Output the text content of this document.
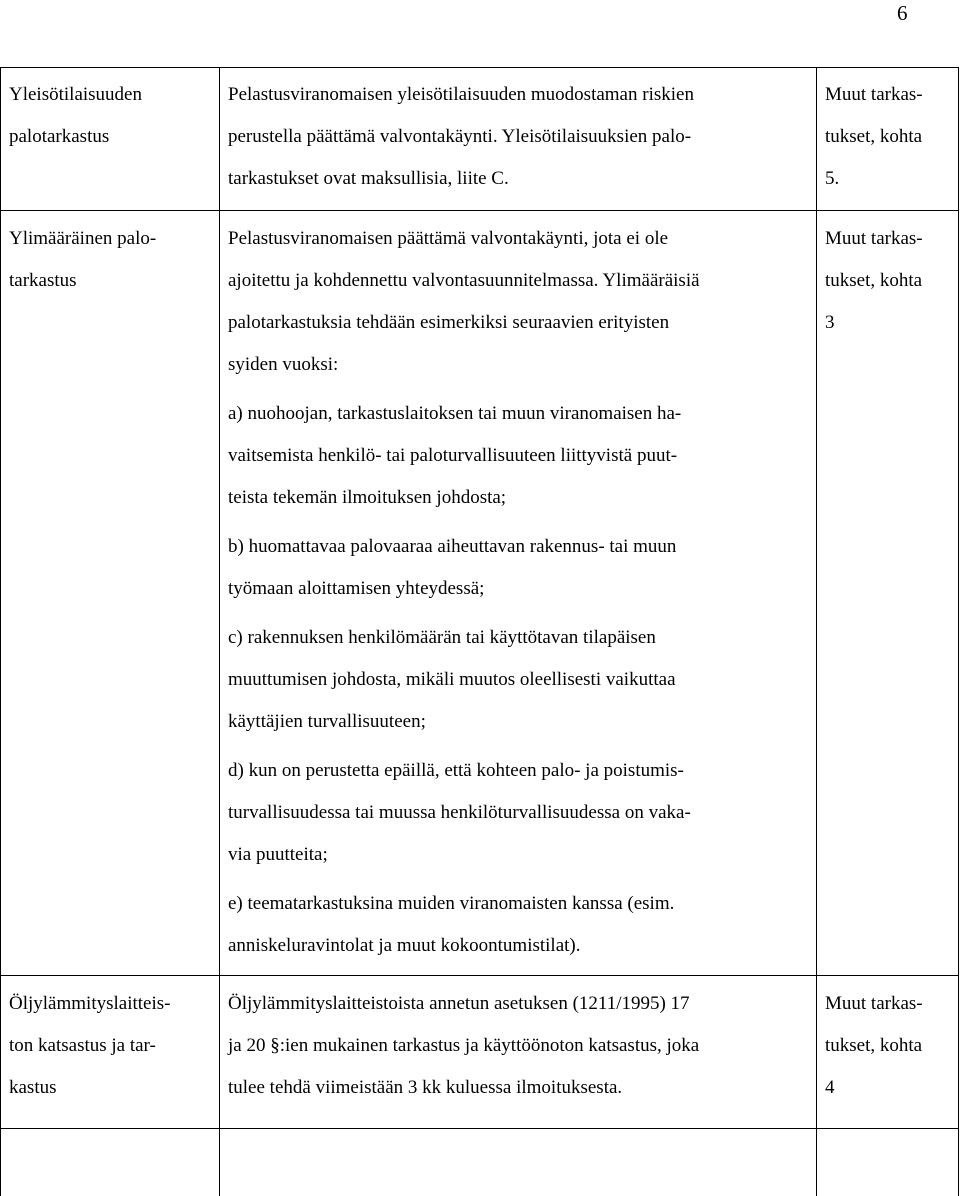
6

Yleisötilaisuuden

palotarkastus

Pelastusviranomaisen yleisötilaisuuden muodostaman riskien

perustella päättämä valvontakäynti. Yleisötilaisuuksien palo-

tarkastukset ovat maksullisia, liite C.

Muut tarkas-

tukset, kohta

5.

Ylimääräinen palo-

tarkastus

Pelastusviranomaisen päättämä valvontakäynti, jota ei ole

ajoitettu ja kohdennettu valvontasuunnitelmassa. Ylimääräisiä

palotarkastuksia tehdään esimerkiksi seuraavien erityisten

syiden vuoksi:

a) nuohoojan, tarkastuslaitoksen tai muun viranomaisen ha-

vaitsemista henkilö- tai paloturvallisuuteen liittyvistä puut-

teista tekemän ilmoituksen johdosta;

b) huomattavaa palovaaraa aiheuttavan rakennus- tai muun

työmaan aloittamisen yhteydessä;

c) rakennuksen henkilömäärän tai käyttötavan tilapäisen

muuttumisen johdosta, mikäli muutos oleellisesti vaikuttaa

käyttäjien turvallisuuteen;

d) kun on perustetta epäillä, että kohteen palo- ja poistumis-

turvallisuudessa tai muussa henkilöturvallisuudessa on vaka-

via puutteita;

e) teematarkastuksina muiden viranomaisten kanssa (esim.

anniskeluravintolat ja muut kokoontumistilat).

Muut tarkas-

tukset, kohta

3

Öljylämmityslaitteis-

ton katsastus ja tar-

kastus

Öljylämmityslaitteistoista annetun asetuksen (1211/1995) 17

ja 20 §:ien mukainen tarkastus ja käyttöönoton katsastus, joka

tulee tehdä viimeistään 3 kk kuluessa ilmoituksesta.

Muut tarkas-

tukset, kohta

4
